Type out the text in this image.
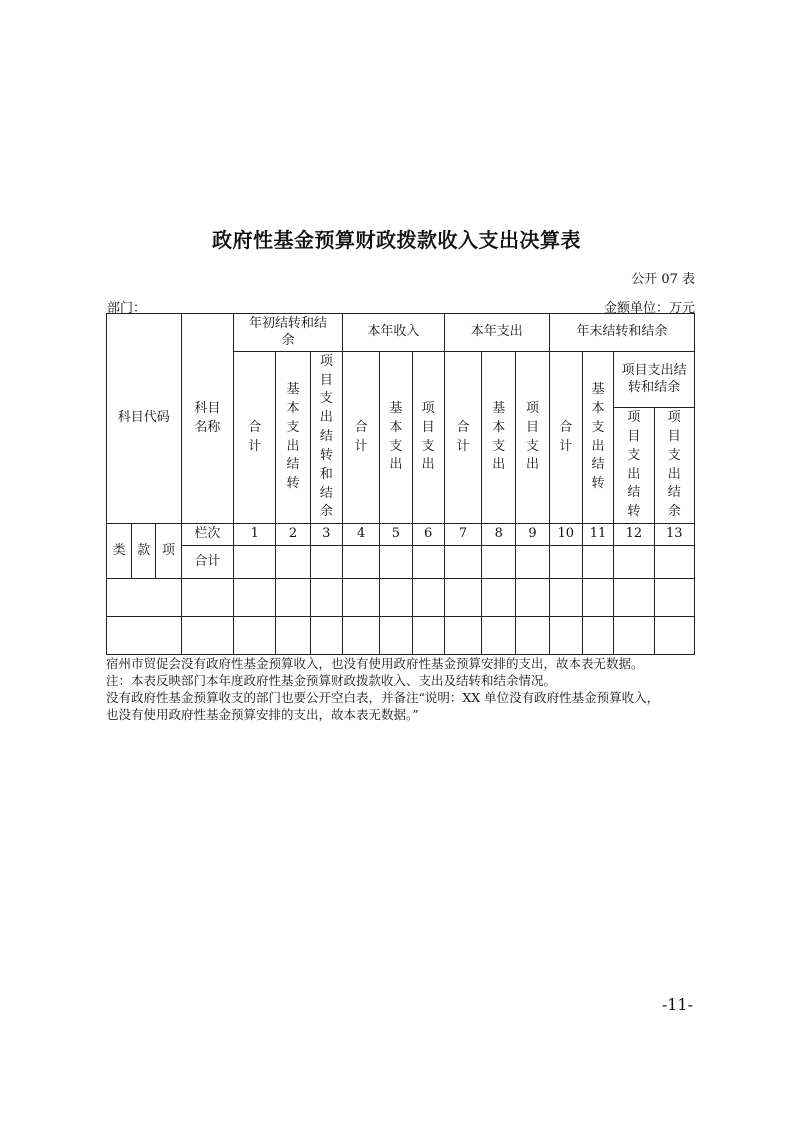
政府性基金预算财政拨款收入支出决算表
公开 07 表
部门：	金额单位：万元
科目代码			科目名称	年初结转和结余			本年收入			本年支出			年末结转和结余			
				合计	基本支出结转	项目支出结转和结余	合计	基本支出	项目支出	合计	基本支出	项目支出	合计	基本支出结转	项目支出结转和结余	
															项目支出结转	项目支出结余
类	款	项	栏次	1	2	3	4	5	6	7	8	9	10	11	12	13
			合计													

宿州市贸促会没有政府性基金预算收入，也没有使用政府性基金预算安排的支出，故本表无数据。
注：本表反映部门本年度政府性基金预算财政拨款收入、支出及结转和结余情况。
没有政府性基金预算收支的部门也要公开空白表，并备注“说明：XX 单位没有政府性基金预算收入，
也没有使用政府性基金预算安排的支出，故本表无数据。”
-11-
